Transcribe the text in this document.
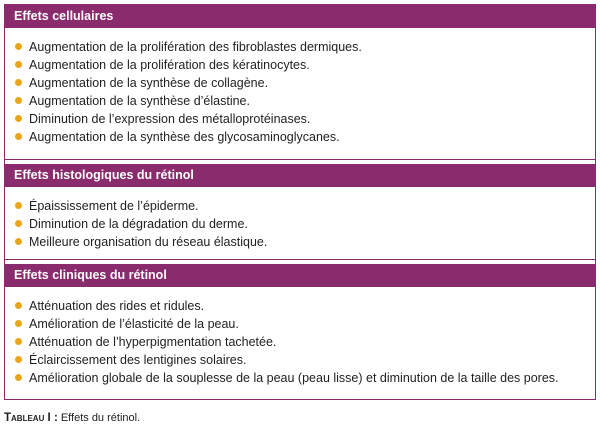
Effets cellulaires
Augmentation de la prolifération des fibroblastes dermiques.
Augmentation de la prolifération des kératinocytes.
Augmentation de la synthèse de collagène.
Augmentation de la synthèse d’élastine.
Diminution de l’expression des métalloprotéinases.
Augmentation de la synthèse des glycosaminoglycanes.
Effets histologiques du rétinol
Épaississement de l’épiderme.
Diminution de la dégradation du derme.
Meilleure organisation du réseau élastique.
Effets cliniques du rétinol
Atténuation des rides et ridules.
Amélioration de l’élasticité de la peau.
Atténuation de l’hyperpigmentation tachetée.
Éclaircissement des lentigines solaires.
Amélioration globale de la souplesse de la peau (peau lisse) et diminution de la taille des pores.
Tableau I : Effets du rétinol.
